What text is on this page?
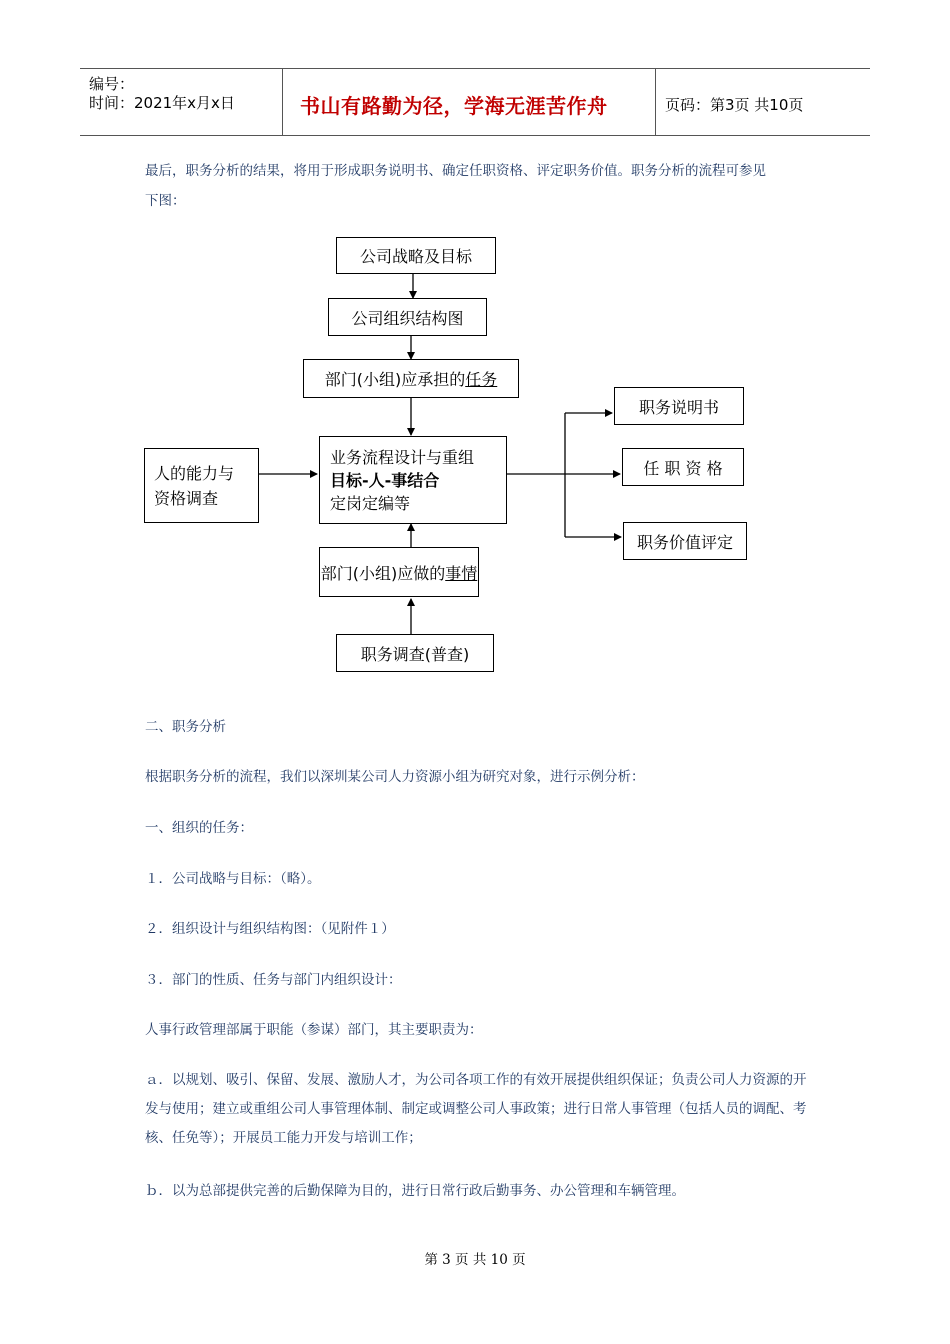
编号：
时间：2021年x月x日	书山有路勤为径，学海无涯苦作舟	页码：第3页 共10页
最后，职务分析的结果，将用于形成职务说明书、确定任职资格、评定职务价值。职务分析的流程可参见
下图：
公司战略及目标
公司组织结构图
部门(小组)应承担的 任务
业务流程设计与重组
目标-人-事结合
定岗定编等
人的能力与
资格调查
部门(小组)应做的 事情
职务调查(普查)
职务说明书
任 职 资 格
职务价值评定
二、职务分析
根据职务分析的流程，我们以深圳某公司人力资源小组为研究对象，进行示例分析：
一、组织的任务：
１．公司战略与目标：（略）。
２．组织设计与组织结构图：（见附件１）
３．部门的性质、任务与部门内组织设计：
人事行政管理部属于职能（参谋）部门，其主要职责为：
ａ．以规划、吸引、保留、发展、激励人才，为公司各项工作的有效开展提供组织保证；负责公司人力资源的开发与使用；建立或重组公司人事管理体制、制定或调整公司人事政策；进行日常人事管理（包括人员的调配、考核、任免等）；开展员工能力开发与培训工作；
ｂ．以为总部提供完善的后勤保障为目的，进行日常行政后勤事务、办公管理和车辆管理。
第 3 页 共 10 页
